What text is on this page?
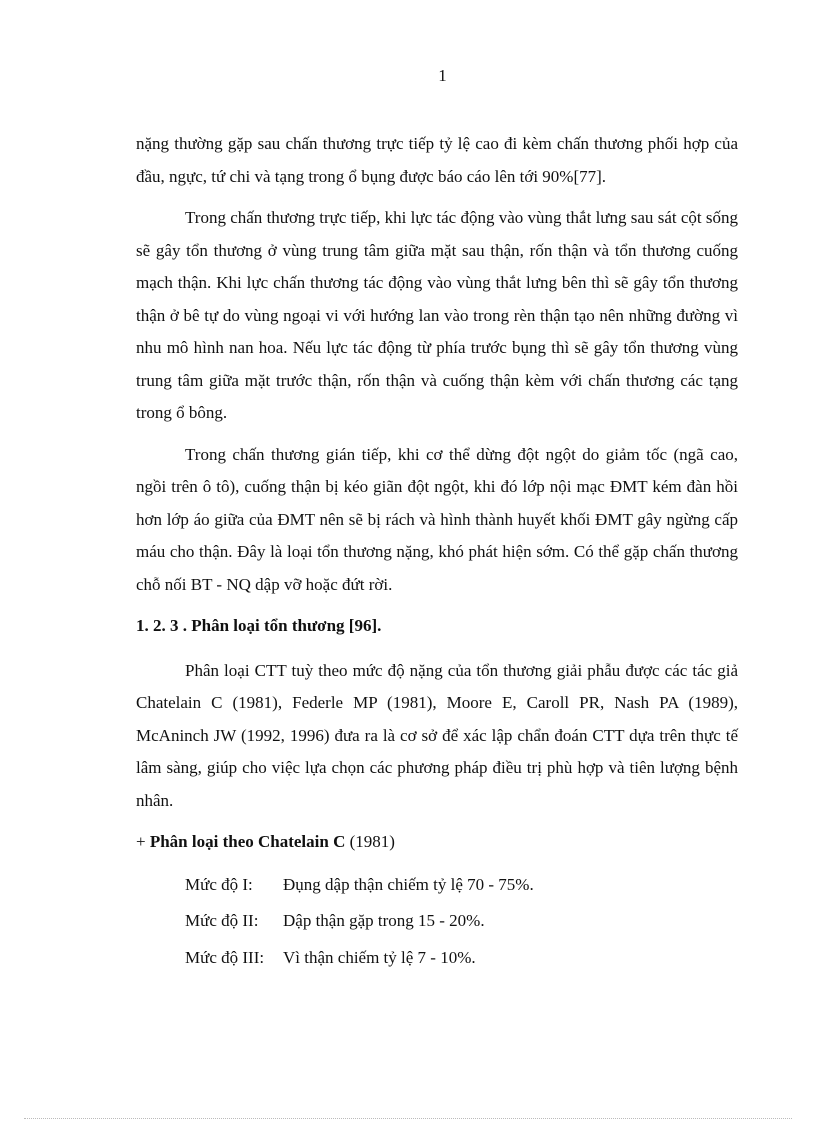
1

nặng thường gặp sau chấn thương trực tiếp tỷ lệ cao đi kèm chấn thương phối hợp của đầu, ngực, tứ chi và tạng trong ổ bụng được báo cáo lên tới 90%[77].

Trong chấn thương trực tiếp, khi lực tác động vào vùng thắt lưng sau sát cột sống sẽ gây tổn thương ở vùng trung tâm giữa mặt sau thận, rốn thận và tổn thương cuống mạch thận. Khi lực chấn thương tác động vào vùng thắt lưng bên thì sẽ gây tổn thương thận ở bê tự do vùng ngoại vi với hướng lan vào trong rèn thận tạo nên những đường vì nhu mô hình nan hoa. Nếu lực tác động từ phía trước bụng thì sẽ gây tổn thương vùng trung tâm giữa mặt trước thận, rốn thận và cuống thận kèm với chấn thương các tạng trong ổ bông.

Trong chấn thương gián tiếp, khi cơ thể dừng đột ngột do giảm tốc (ngã cao, ngồi trên ô tô), cuống thận bị kéo giãn đột ngột, khi đó lớp nội mạc ĐMT kém đàn hồi hơn lớp áo giữa của ĐMT nên sẽ bị rách và hình thành huyết khối ĐMT gây ngừng cấp máu cho thận. Đây là loại tổn thương nặng, khó phát hiện sớm. Có thể gặp chấn thương chỗ nối BT - NQ dập vỡ hoặc đứt rời.

1. 2. 3 . Phân loại tổn thương [96].

Phân loại CTT tuỳ theo mức độ nặng của tổn thương giải phẫu được các tác giả Chatelain C (1981), Federle MP (1981), Moore E, Caroll PR, Nash PA (1989), McAninch JW (1992, 1996) đưa ra là cơ sở để xác lập chẩn đoán CTT dựa trên thực tế lâm sàng, giúp cho việc lựa chọn các phương pháp điều trị phù hợp và tiên lượng bệnh nhân.

+ Phân loại theo Chatelain C (1981)
Mức độ I: Đụng dập thận chiếm tỷ lệ 70 - 75%.
Mức độ II: Dập thận gặp trong 15 - 20%.
Mức độ III: Vì thận chiếm tỷ lệ 7 - 10%.
